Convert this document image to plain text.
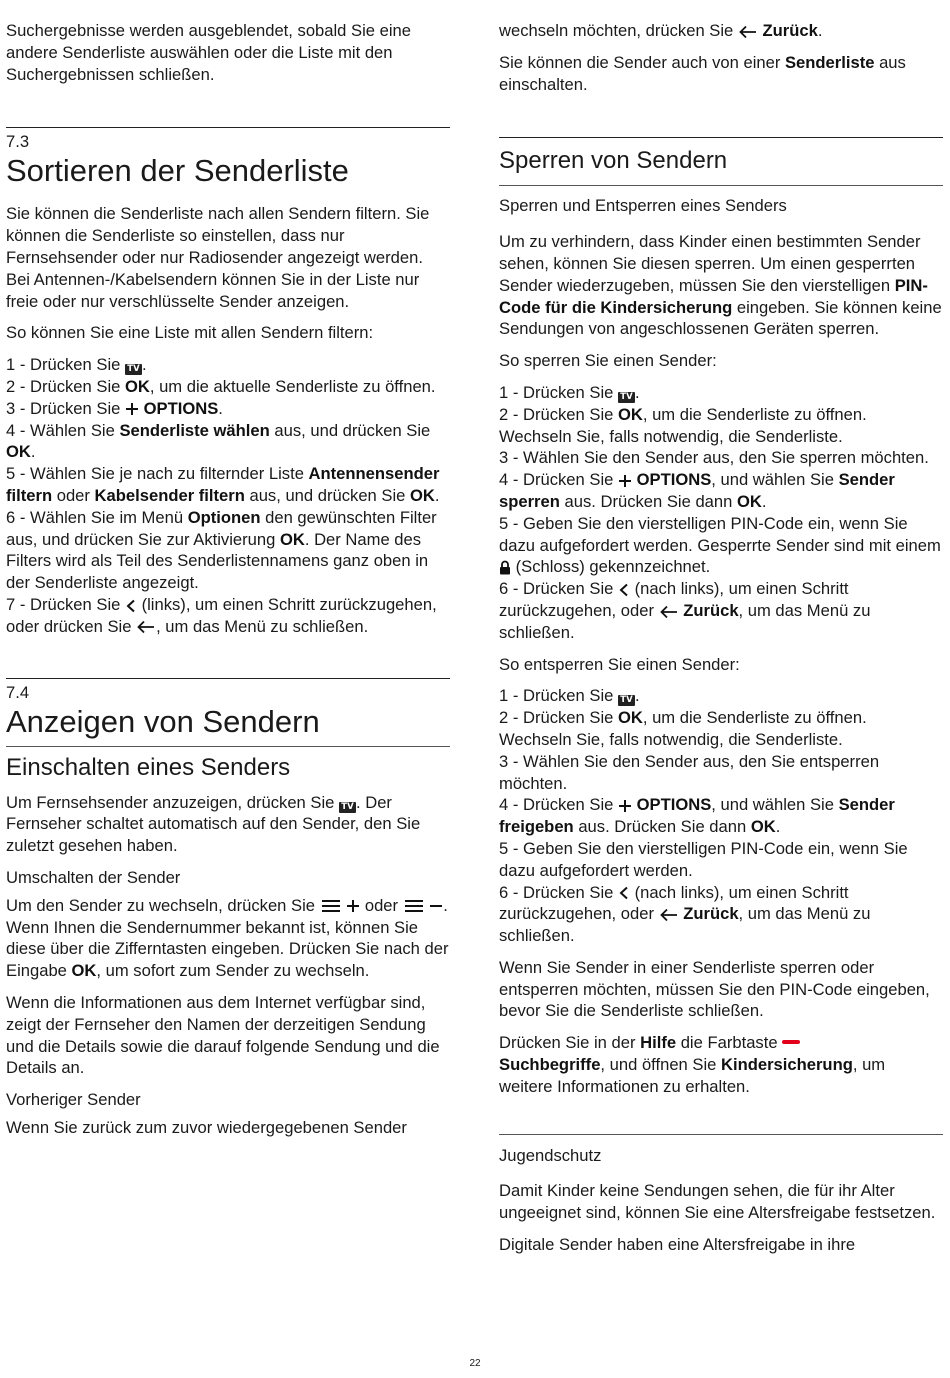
Suchergebnisse werden ausgeblendet, sobald Sie eine andere Senderliste auswählen oder die Liste mit den Suchergebnissen schließen.

7.3

Sortieren der Senderliste

Sie können die Senderliste nach allen Sendern filtern. Sie können die Senderliste so einstellen, dass nur Fernsehsender oder nur Radiosender angezeigt werden. Bei Antennen-/Kabelsendern können Sie in der Liste nur freie oder nur verschlüsselte Sender anzeigen.

So können Sie eine Liste mit allen Sendern filtern:

1 - Drücken Sie TV .
2 - Drücken Sie OK, um die aktuelle Senderliste zu öffnen.
3 - Drücken Sie  OPTIONS.
4 - Wählen Sie Senderliste wählen aus, und drücken Sie OK.
5 - Wählen Sie je nach zu filternder Liste Antennensender filtern oder Kabelsender filtern aus, und drücken Sie OK.
6 - Wählen Sie im Menü Optionen den gewünschten Filter aus, und drücken Sie zur Aktivierung OK. Der Name des Filters wird als Teil des Senderlistennamens ganz oben in der Senderliste angezeigt.
7 - Drücken Sie  (links), um einen Schritt zurückzugehen, oder drücken Sie , um das Menü zu schließen.

7.4

Anzeigen von Sendern
Einschalten eines Senders

Um Fernsehsender anzuzeigen, drücken Sie TV . Der Fernseher schaltet automatisch auf den Sender, den Sie zuletzt gesehen haben.

Umschalten der Sender

Um den Sender zu wechseln, drücken Sie   oder  .
Wenn Ihnen die Sendernummer bekannt ist, können Sie diese über die Zifferntasten eingeben. Drücken Sie nach der Eingabe OK, um sofort zum Sender zu wechseln.

Wenn die Informationen aus dem Internet verfügbar sind, zeigt der Fernseher den Namen der derzeitigen Sendung und die Details sowie die darauf folgende Sendung und die Details an.

Vorheriger Sender

Wenn Sie zurück zum zuvor wiedergegebenen Sender

wechseln möchten, drücken Sie  Zurück.

Sie können die Sender auch von einer Senderliste aus einschalten.

Sperren von Sendern

Sperren und Entsperren eines Senders

Um zu verhindern, dass Kinder einen bestimmten Sender sehen, können Sie diesen sperren. Um einen gesperrten Sender wiederzugeben, müssen Sie den vierstelligen PIN-Code für die Kindersicherung eingeben. Sie können keine Sendungen von angeschlossenen Geräten sperren.

So sperren Sie einen Sender:

1 - Drücken Sie TV .
2 - Drücken Sie OK, um die Senderliste zu öffnen. Wechseln Sie, falls notwendig, die Senderliste.
3 - Wählen Sie den Sender aus, den Sie sperren möchten.
4 - Drücken Sie  OPTIONS, und wählen Sie Sender sperren aus. Drücken Sie dann OK.
5 - Geben Sie den vierstelligen PIN-Code ein, wenn Sie dazu aufgefordert werden. Gesperrte Sender sind mit einem  (Schloss) gekennzeichnet.
6 - Drücken Sie  (nach links), um einen Schritt zurückzugehen, oder  Zurück, um das Menü zu schließen.

So entsperren Sie einen Sender:

1 - Drücken Sie TV .
2 - Drücken Sie OK, um die Senderliste zu öffnen. Wechseln Sie, falls notwendig, die Senderliste.
3 - Wählen Sie den Sender aus, den Sie entsperren möchten.
4 - Drücken Sie  OPTIONS, und wählen Sie Sender freigeben aus. Drücken Sie dann OK.
5 - Geben Sie den vierstelligen PIN-Code ein, wenn Sie dazu aufgefordert werden.
6 - Drücken Sie  (nach links), um einen Schritt zurückzugehen, oder  Zurück, um das Menü zu schließen.

Wenn Sie Sender in einer Senderliste sperren oder entsperren möchten, müssen Sie den PIN-Code eingeben, bevor Sie die Senderliste schließen.

Drücken Sie in der Hilfe die Farbtaste
Suchbegriffe, und öffnen Sie Kindersicherung, um weitere Informationen zu erhalten.

Jugendschutz

Damit Kinder keine Sendungen sehen, die für ihr Alter ungeeignet sind, können Sie eine Altersfreigabe festsetzen.

Digitale Sender haben eine Altersfreigabe in ihre

22
